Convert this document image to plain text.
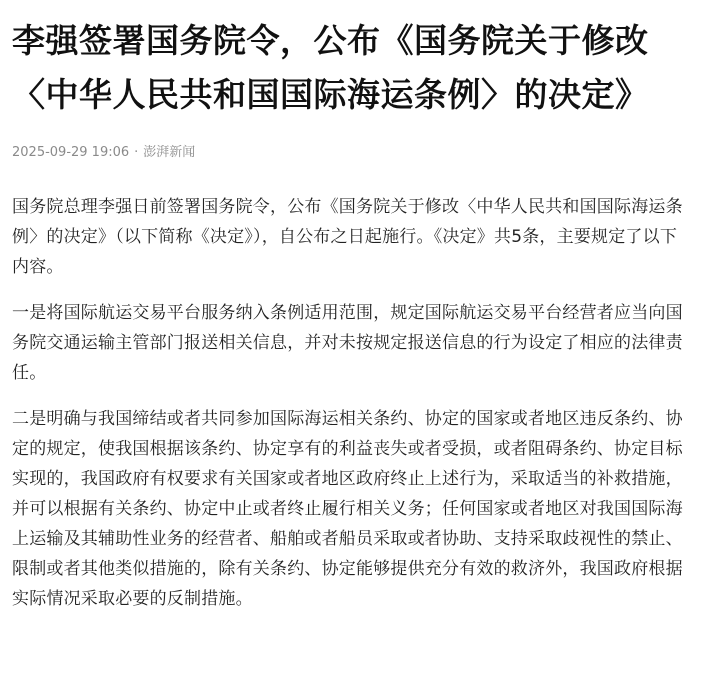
李强签署国务院令，公布《国务院关于修改〈中华人民共和国国际海运条例〉的决定》
2025-09-29 19:06 · 澎湃新闻

国务院总理李强日前签署国务院令，公布《国务院关于修改〈中华人民共和国国际海运条例〉的决定》（以下简称《决定》），自公布之日起施行。《决定》共5条，主要规定了以下内容。

一是将国际航运交易平台服务纳入条例适用范围，规定国际航运交易平台经营者应当向国务院交通运输主管部门报送相关信息，并对未按规定报送信息的行为设定了相应的法律责任。

二是明确与我国缔结或者共同参加国际海运相关条约、协定的国家或者地区违反条约、协定的规定，使我国根据该条约、协定享有的利益丧失或者受损，或者阻碍条约、协定目标实现的，我国政府有权要求有关国家或者地区政府终止上述行为，采取适当的补救措施，并可以根据有关条约、协定中止或者终止履行相关义务；任何国家或者地区对我国国际海上运输及其辅助性业务的经营者、船舶或者船员采取或者协助、支持采取歧视性的禁止、限制或者其他类似措施的，除有关条约、协定能够提供充分有效的救济外，我国政府根据实际情况采取必要的反制措施。
